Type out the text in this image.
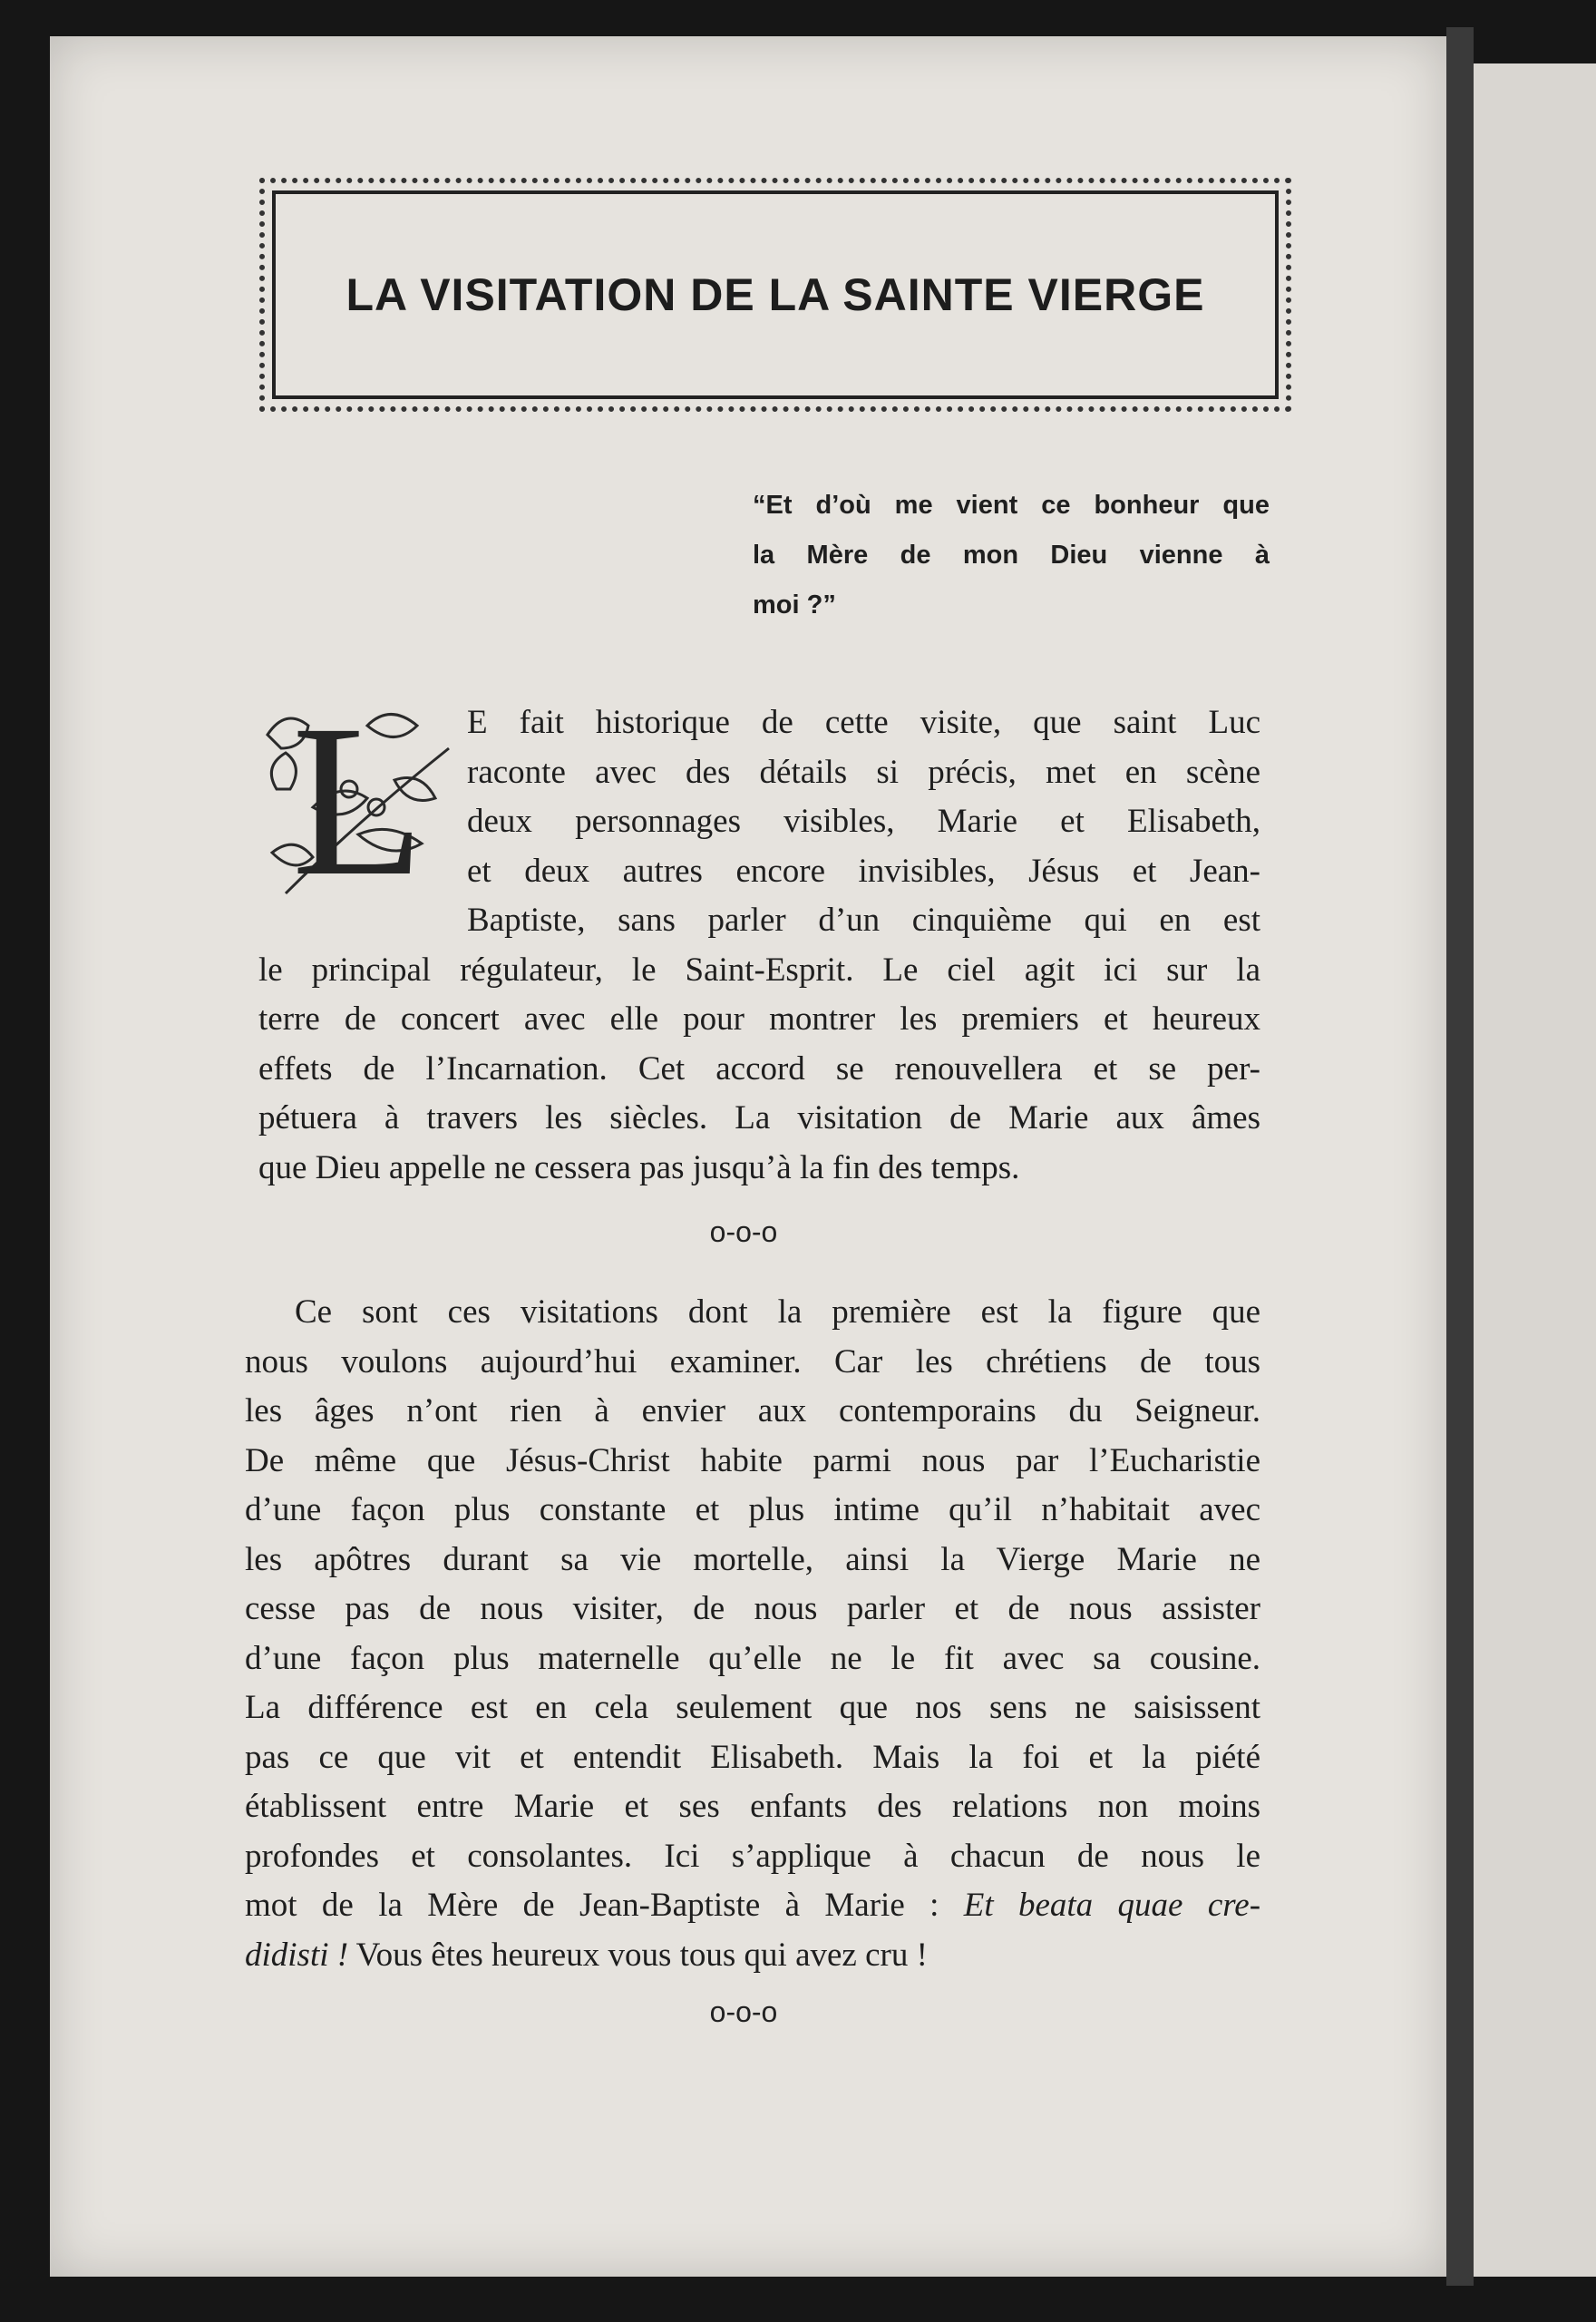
LA VISITATION DE LA SAINTE VIERGE
“Et d’où me vient ce bonheur que
la Mère de mon Dieu vienne à
moi ?”
L E fait historique de cette visite, que saint Luc
raconte avec des détails si précis, met en scène
deux personnages visibles, Marie et Elisabeth,
et deux autres encore invisibles, Jésus et Jean-
Baptiste, sans parler d’un cinquième qui en est
le principal régulateur, le Saint-Esprit. Le ciel agit ici sur la
terre de concert avec elle pour montrer les premiers et heureux
effets de l’Incarnation. Cet accord se renouvellera et se per-
pétuera à travers les siècles. La visitation de Marie aux âmes
que Dieu appelle ne cessera pas jusqu’à la fin des temps.
o-o-o
Ce sont ces visitations dont la première est la figure que
nous voulons aujourd’hui examiner. Car les chrétiens de tous
les âges n’ont rien à envier aux contemporains du Seigneur.
De même que Jésus-Christ habite parmi nous par l’Eucharistie
d’une façon plus constante et plus intime qu’il n’habitait avec
les apôtres durant sa vie mortelle, ainsi la Vierge Marie ne
cesse pas de nous visiter, de nous parler et de nous assister
d’une façon plus maternelle qu’elle ne le fit avec sa cousine.
La différence est en cela seulement que nos sens ne saisissent
pas ce que vit et entendit Elisabeth. Mais la foi et la piété
établissent entre Marie et ses enfants des relations non moins
profondes et consolantes. Ici s’applique à chacun de nous le
mot de la Mère de Jean-Baptiste à Marie : Et beata quae cre-
didisti ! Vous êtes heureux vous tous qui avez cru !
o-o-o
